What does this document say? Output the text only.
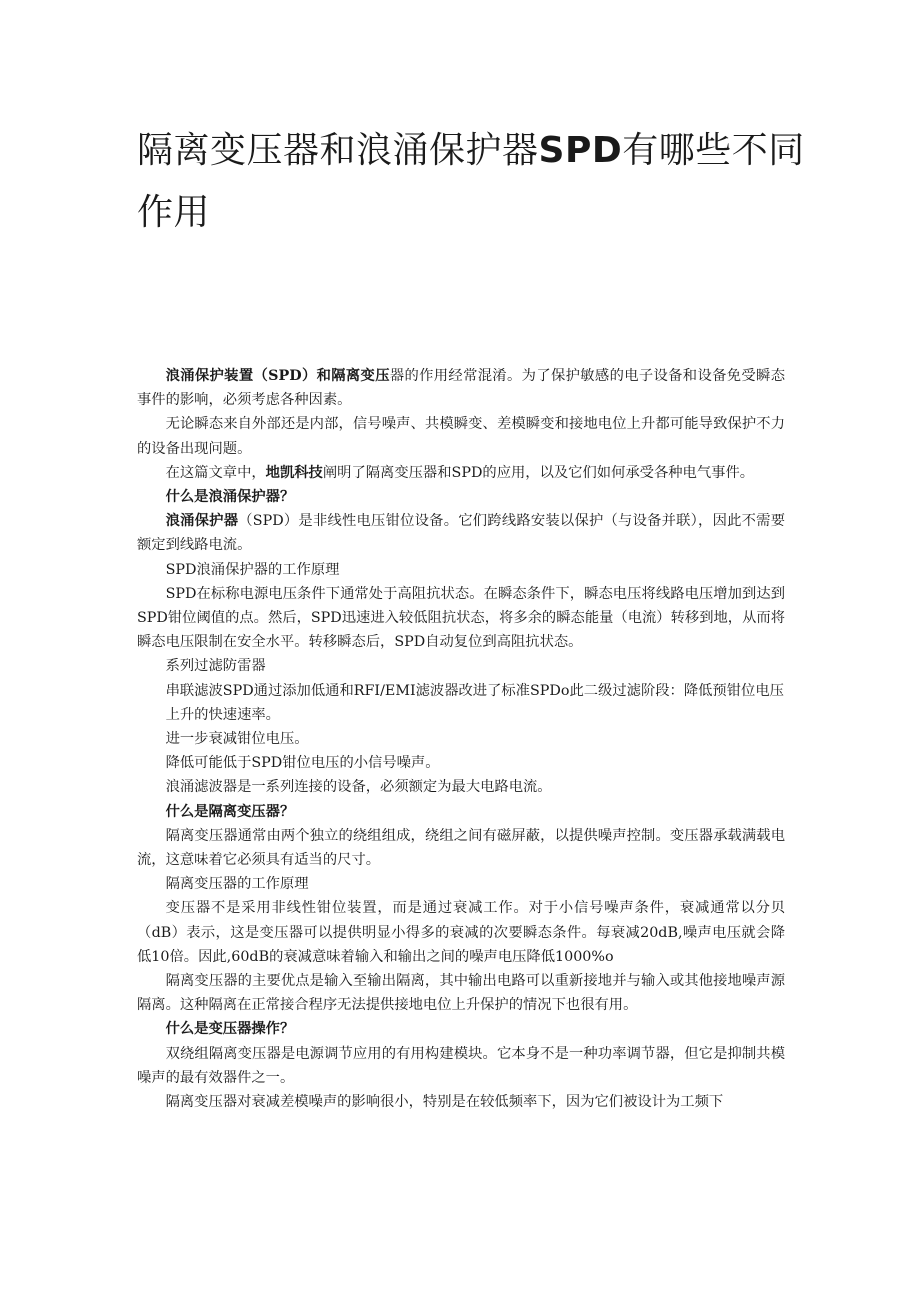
隔离变压器和浪涌保护器SPD有哪些不同作用

浪涌保护装置（SPD）和隔离变压器的作用经常混淆。为了保护敏感的电子设备和设备免受瞬态事件的影响，必须考虑各种因素。

无论瞬态来自外部还是内部，信号噪声、共模瞬变、差模瞬变和接地电位上升都可能导致保护不力的设备出现问题。

在这篇文章中，地凯科技阐明了隔离变压器和SPD的应用，以及它们如何承受各种电气事件。

什么是浪涌保护器？

浪涌保护器（SPD）是非线性电压钳位设备。它们跨线路安装以保护（与设备并联），因此不需要额定到线路电流。

SPD浪涌保护器的工作原理

SPD在标称电源电压条件下通常处于高阻抗状态。在瞬态条件下，瞬态电压将线路电压增加到达到SPD钳位阈值的点。然后，SPD迅速进入较低阻抗状态，将多余的瞬态能量（电流）转移到地，从而将瞬态电压限制在安全水平。转移瞬态后，SPD自动复位到高阻抗状态。

系列过滤防雷器

串联滤波SPD通过添加低通和RFI/EMI滤波器改进了标准SPDo此二级过滤阶段：降低预钳位电压上升的快速速率。

进一步衰减钳位电压。

降低可能低于SPD钳位电压的小信号噪声。

浪涌滤波器是一系列连接的设备，必须额定为最大电路电流。

什么是隔离变压器？

隔离变压器通常由两个独立的绕组组成，绕组之间有磁屏蔽，以提供噪声控制。变压器承载满载电流，这意味着它必须具有适当的尺寸。

隔离变压器的工作原理

变压器不是采用非线性钳位装置，而是通过衰减工作。对于小信号噪声条件，衰减通常以分贝（dB）表示，这是变压器可以提供明显小得多的衰减的次要瞬态条件。每衰减20dB,噪声电压就会降低10倍。因此,60dB的衰减意味着输入和输出之间的噪声电压降低1000%o

隔离变压器的主要优点是输入至输出隔离，其中输出电路可以重新接地并与输入或其他接地噪声源隔离。这种隔离在正常接合程序无法提供接地电位上升保护的情况下也很有用。

什么是变压器操作？

双绕组隔离变压器是电源调节应用的有用构建模块。它本身不是一种功率调节器，但它是抑制共模噪声的最有效器件之一。

隔离变压器对衰减差模噪声的影响很小，特别是在较低频率下，因为它们被设计为工频下
